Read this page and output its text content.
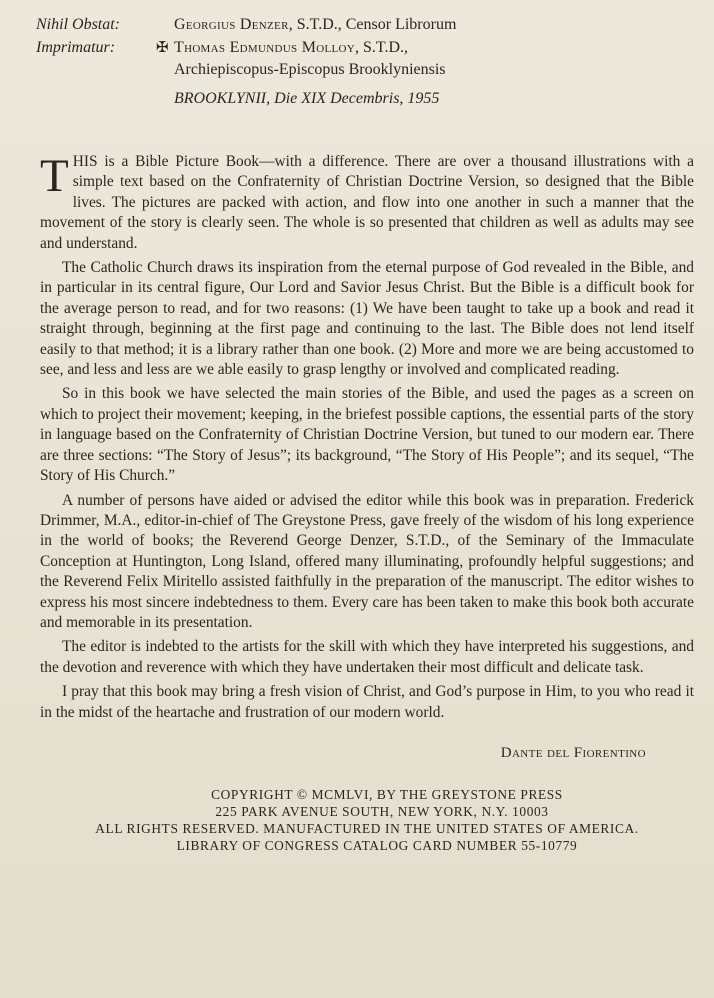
Nihil Obstat:	Georgius Denzer, S.T.D., Censor Librorum
Imprimatur:	✠ Thomas Edmundus Molloy, S.T.D.,
Archiepiscopus-Episcopus Brooklyniensis
BROOKLYNII, Die XIX Decembris, 1955

THIS is a Bible Picture Book—with a difference. There are over a thousand illustrations with a simple text based on the Confraternity of Christian Doctrine Version, so designed that the Bible lives. The pictures are packed with action, and flow into one another in such a manner that the movement of the story is clearly seen. The whole is so presented that children as well as adults may see and understand.

The Catholic Church draws its inspiration from the eternal purpose of God revealed in the Bible, and in particular in its central figure, Our Lord and Savior Jesus Christ. But the Bible is a difficult book for the average person to read, and for two reasons: (1) We have been taught to take up a book and read it straight through, beginning at the first page and continuing to the last. The Bible does not lend itself easily to that method; it is a library rather than one book. (2) More and more we are being accustomed to see, and less and less are we able easily to grasp lengthy or involved and complicated reading.

So in this book we have selected the main stories of the Bible, and used the pages as a screen on which to project their movement; keeping, in the briefest possible captions, the essential parts of the story in language based on the Confraternity of Christian Doctrine Version, but tuned to our modern ear. There are three sections: “The Story of Jesus”; its background, “The Story of His People”; and its sequel, “The Story of His Church.”

A number of persons have aided or advised the editor while this book was in preparation. Frederick Drimmer, M.A., editor-in-chief of The Greystone Press, gave freely of the wisdom of his long experience in the world of books; the Reverend George Denzer, S.T.D., of the Seminary of the Immaculate Conception at Huntington, Long Island, offered many illuminating, profoundly helpful suggestions; and the Reverend Felix Miritello assisted faithfully in the preparation of the manuscript. The editor wishes to express his most sincere indebtedness to them. Every care has been taken to make this book both accurate and memorable in its presentation.

The editor is indebted to the artists for the skill with which they have interpreted his suggestions, and the devotion and reverence with which they have undertaken their most difficult and delicate task.

I pray that this book may bring a fresh vision of Christ, and God’s purpose in Him, to you who read it in the midst of the heartache and frustration of our modern world.

Dante del Fiorentino
COPYRIGHT © MCMLVI, BY THE GREYSTONE PRESS
225 PARK AVENUE SOUTH, NEW YORK, N.Y. 10003
ALL RIGHTS RESERVED. MANUFACTURED IN THE UNITED STATES OF AMERICA.
LIBRARY OF CONGRESS CATALOG CARD NUMBER 55-10779
